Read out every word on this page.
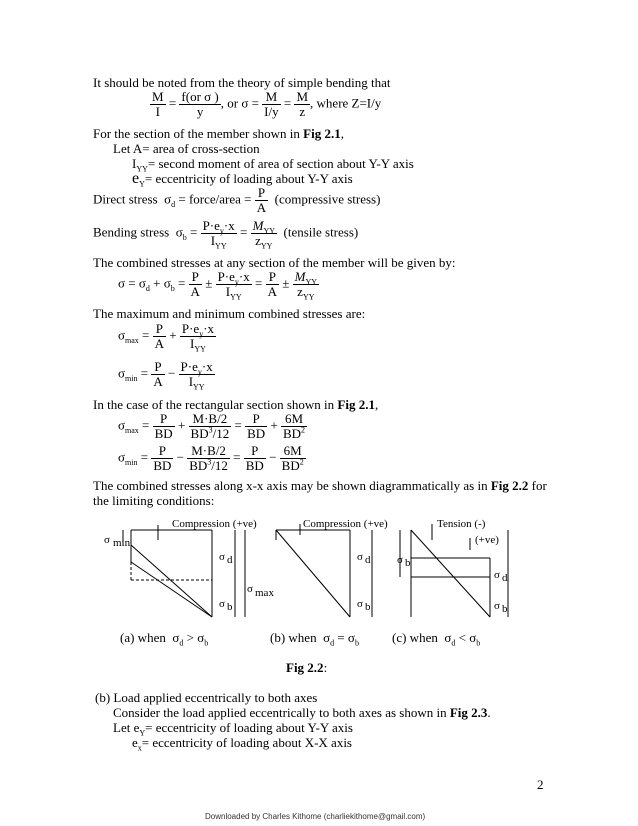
It should be noted from the theory of simple bending that
$\frac{M}{I} = \frac{\text{f(or σ )}}{y}$ , or $\sigma = \frac{M}{I/y} = \frac{M}{z}$ , where Z=I/y
For the section of the member shown in Fig 2.1,
Let A= area of cross-section
$I_{YY}=$ second moment of area of section about Y-Y axis
$e_Y=$ eccentricity of loading about Y-Y axis
Direct stress  $\sigma_d$ = force/area = $\frac{P}{A}$ (compressive stress)
Bending stress  $\sigma_b = \frac{P\cdot e_y\cdot x}{I_{YY}} = \frac{M_{YY}}{z_{YY}}$ (tensile stress)
The combined stresses at any section of the member will be given by:
$\sigma = \sigma_d + \sigma_b = \frac{P}{A} \pm \frac{P\cdot e_y\cdot x}{I_{YY}} = \frac{P}{A} \pm \frac{M_{YY}}{z_{YY}}$
The maximum and minimum combined stresses are:
$\sigma_{max} = \frac{P}{A} + \frac{P\cdot e_y\cdot x}{I_{YY}}$
$\sigma_{min} = \frac{P}{A} - \frac{P\cdot e_y\cdot x}{I_{YY}}$
In the case of the rectangular section shown in Fig 2.1,
$\sigma_{max} = \frac{P}{BD} + \frac{M\cdot B/2}{BD^3/12} = \frac{P}{BD} + \frac{6M}{BD^2}$
$\sigma_{min} = \frac{P}{BD} - \frac{M\cdot B/2}{BD^3/12} = \frac{P}{BD} - \frac{6M}{BD^2}$
The combined stresses along x-x axis may be shown diagrammatically as in Fig 2.2 for
the limiting conditions:
Compression (+ve)
σ min
σ d
σ max
σ b
Compression (+ve)
σ d
σ b
Tension (-)
(+ve)
σ b
σ d
σ b
(a) when  $\sigma_d > \sigma_b$	(b) when  $\sigma_d = \sigma_b$	(c) when  $\sigma_d < \sigma_b$
Fig 2.2:
(b) Load applied eccentrically to both axes
Consider the load applied eccentrically to both axes as shown in Fig 2.3.
Let $e_Y=$ eccentricity of loading about Y-Y axis
$e_x=$ eccentricity of loading about X-X axis
2
Downloaded by Charles Kithome (charliekithome@gmail.com)
